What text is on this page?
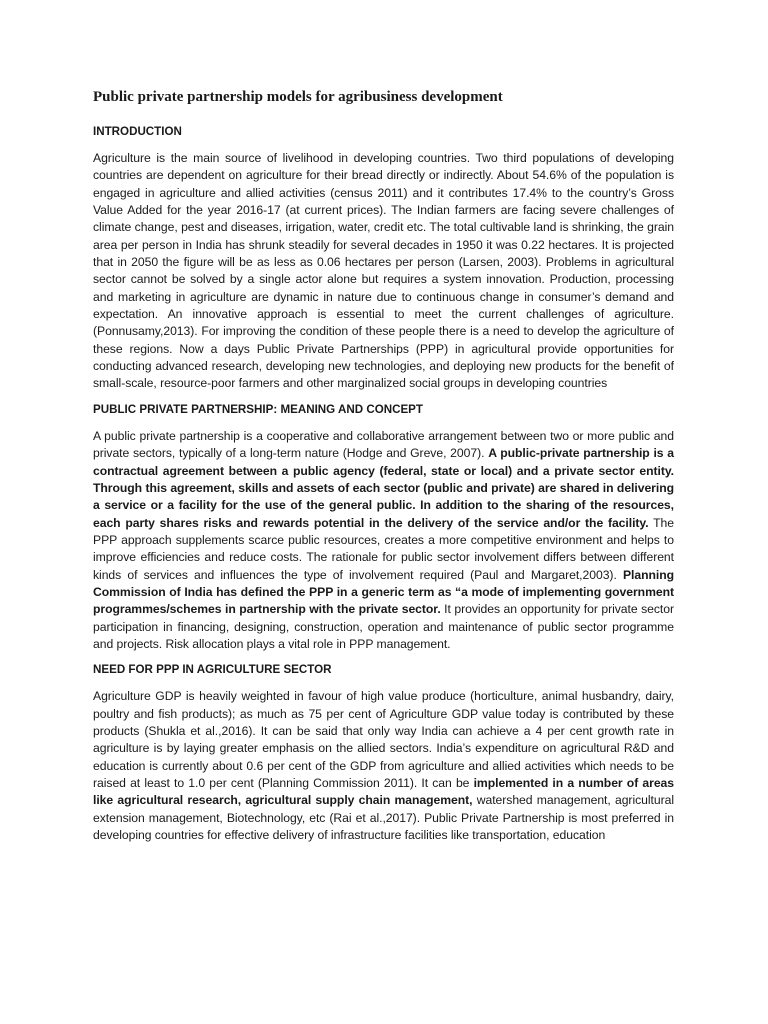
Public private partnership models for agribusiness development
INTRODUCTION

Agriculture is the main source of livelihood in developing countries. Two third populations of developing countries are dependent on agriculture for their bread directly or indirectly. About 54.6% of the population is engaged in agriculture and allied activities (census 2011) and it contributes 17.4% to the country’s Gross Value Added for the year 2016-17 (at current prices). The Indian farmers are facing severe challenges of climate change, pest and diseases, irrigation, water, credit etc. The total cultivable land is shrinking, the grain area per person in India has shrunk steadily for several decades in 1950 it was 0.22 hectares. It is projected that in 2050 the figure will be as less as 0.06 hectares per person (Larsen, 2003). Problems in agricultural sector cannot be solved by a single actor alone but requires a system innovation. Production, processing and marketing in agriculture are dynamic in nature due to continuous change in consumer’s demand and expectation. An innovative approach is essential to meet the current challenges of agriculture. (Ponnusamy,2013). For improving the condition of these people there is a need to develop the agriculture of these regions. Now a days Public Private Partnerships (PPP) in agricultural provide opportunities for conducting advanced research, developing new technologies, and deploying new products for the benefit of small-scale, resource-poor farmers and other marginalized social groups in developing countries

PUBLIC PRIVATE PARTNERSHIP: MEANING AND CONCEPT

A public private partnership is a cooperative and collaborative arrangement between two or more public and private sectors, typically of a long-term nature (Hodge and Greve, 2007). A public-private partnership is a contractual agreement between a public agency (federal, state or local) and a private sector entity. Through this agreement, skills and assets of each sector (public and private) are shared in delivering a service or a facility for the use of the general public. In addition to the sharing of the resources, each party shares risks and rewards potential in the delivery of the service and/or the facility. The PPP approach supplements scarce public resources, creates a more competitive environment and helps to improve efficiencies and reduce costs. The rationale for public sector involvement differs between different kinds of services and influences the type of involvement required (Paul and Margaret,2003). Planning Commission of India has defined the PPP in a generic term as “a mode of implementing government programmes/schemes in partnership with the private sector. It provides an opportunity for private sector participation in financing, designing, construction, operation and maintenance of public sector programme and projects. Risk allocation plays a vital role in PPP management.

NEED FOR PPP IN AGRICULTURE SECTOR

Agriculture GDP is heavily weighted in favour of high value produce (horticulture, animal husbandry, dairy, poultry and fish products); as much as 75 per cent of Agriculture GDP value today is contributed by these products (Shukla et al.,2016). It can be said that only way India can achieve a 4 per cent growth rate in agriculture is by laying greater emphasis on the allied sectors. India’s expenditure on agricultural R&D and education is currently about 0.6 per cent of the GDP from agriculture and allied activities which needs to be raised at least to 1.0 per cent (Planning Commission 2011). It can be implemented in a number of areas like agricultural research, agricultural supply chain management, watershed management, agricultural extension management, Biotechnology, etc (Rai et al.,2017). Public Private Partnership is most preferred in developing countries for effective delivery of infrastructure facilities like transportation, education
